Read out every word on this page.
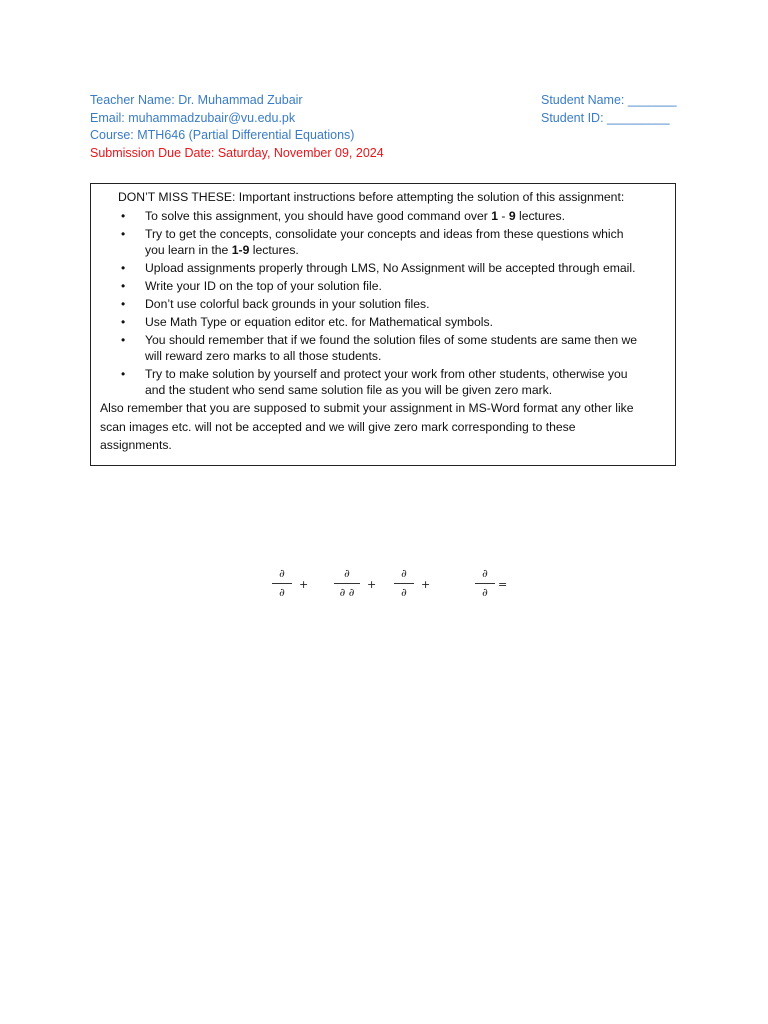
Teacher Name: Dr. Muhammad Zubair
Email: muhammadzubair@vu.edu.pk
Course: MTH646 (Partial Differential Equations)
Submission Due Date: Saturday, November 09, 2024
Student Name: _______
Student ID: _________
DON’T MISS THESE: Important instructions before attempting the solution of this assignment:
• To solve this assignment, you should have good command over 1 - 9 lectures.
• Try to get the concepts, consolidate your concepts and ideas from these questions which
you learn in the 1-9 lectures.
• Upload assignments properly through LMS, No Assignment will be accepted through email.
• Write your ID on the top of your solution file.
• Don’t use colorful back grounds in your solution files.
• Use Math Type or equation editor etc. for Mathematical symbols.
• You should remember that if we found the solution files of some students are same then we
will reward zero marks to all those students.
• Try to make solution by yourself and protect your work from other students, otherwise you
and the student who send same solution file as you will be given zero mark.
Also remember that you are supposed to submit your assignment in MS-Word format any other like
scan images etc. will not be accepted and we will give zero mark corresponding to these
assignments.
∂
∂
+
∂
∂ ∂
+
∂
∂
+
∂
∂
=
